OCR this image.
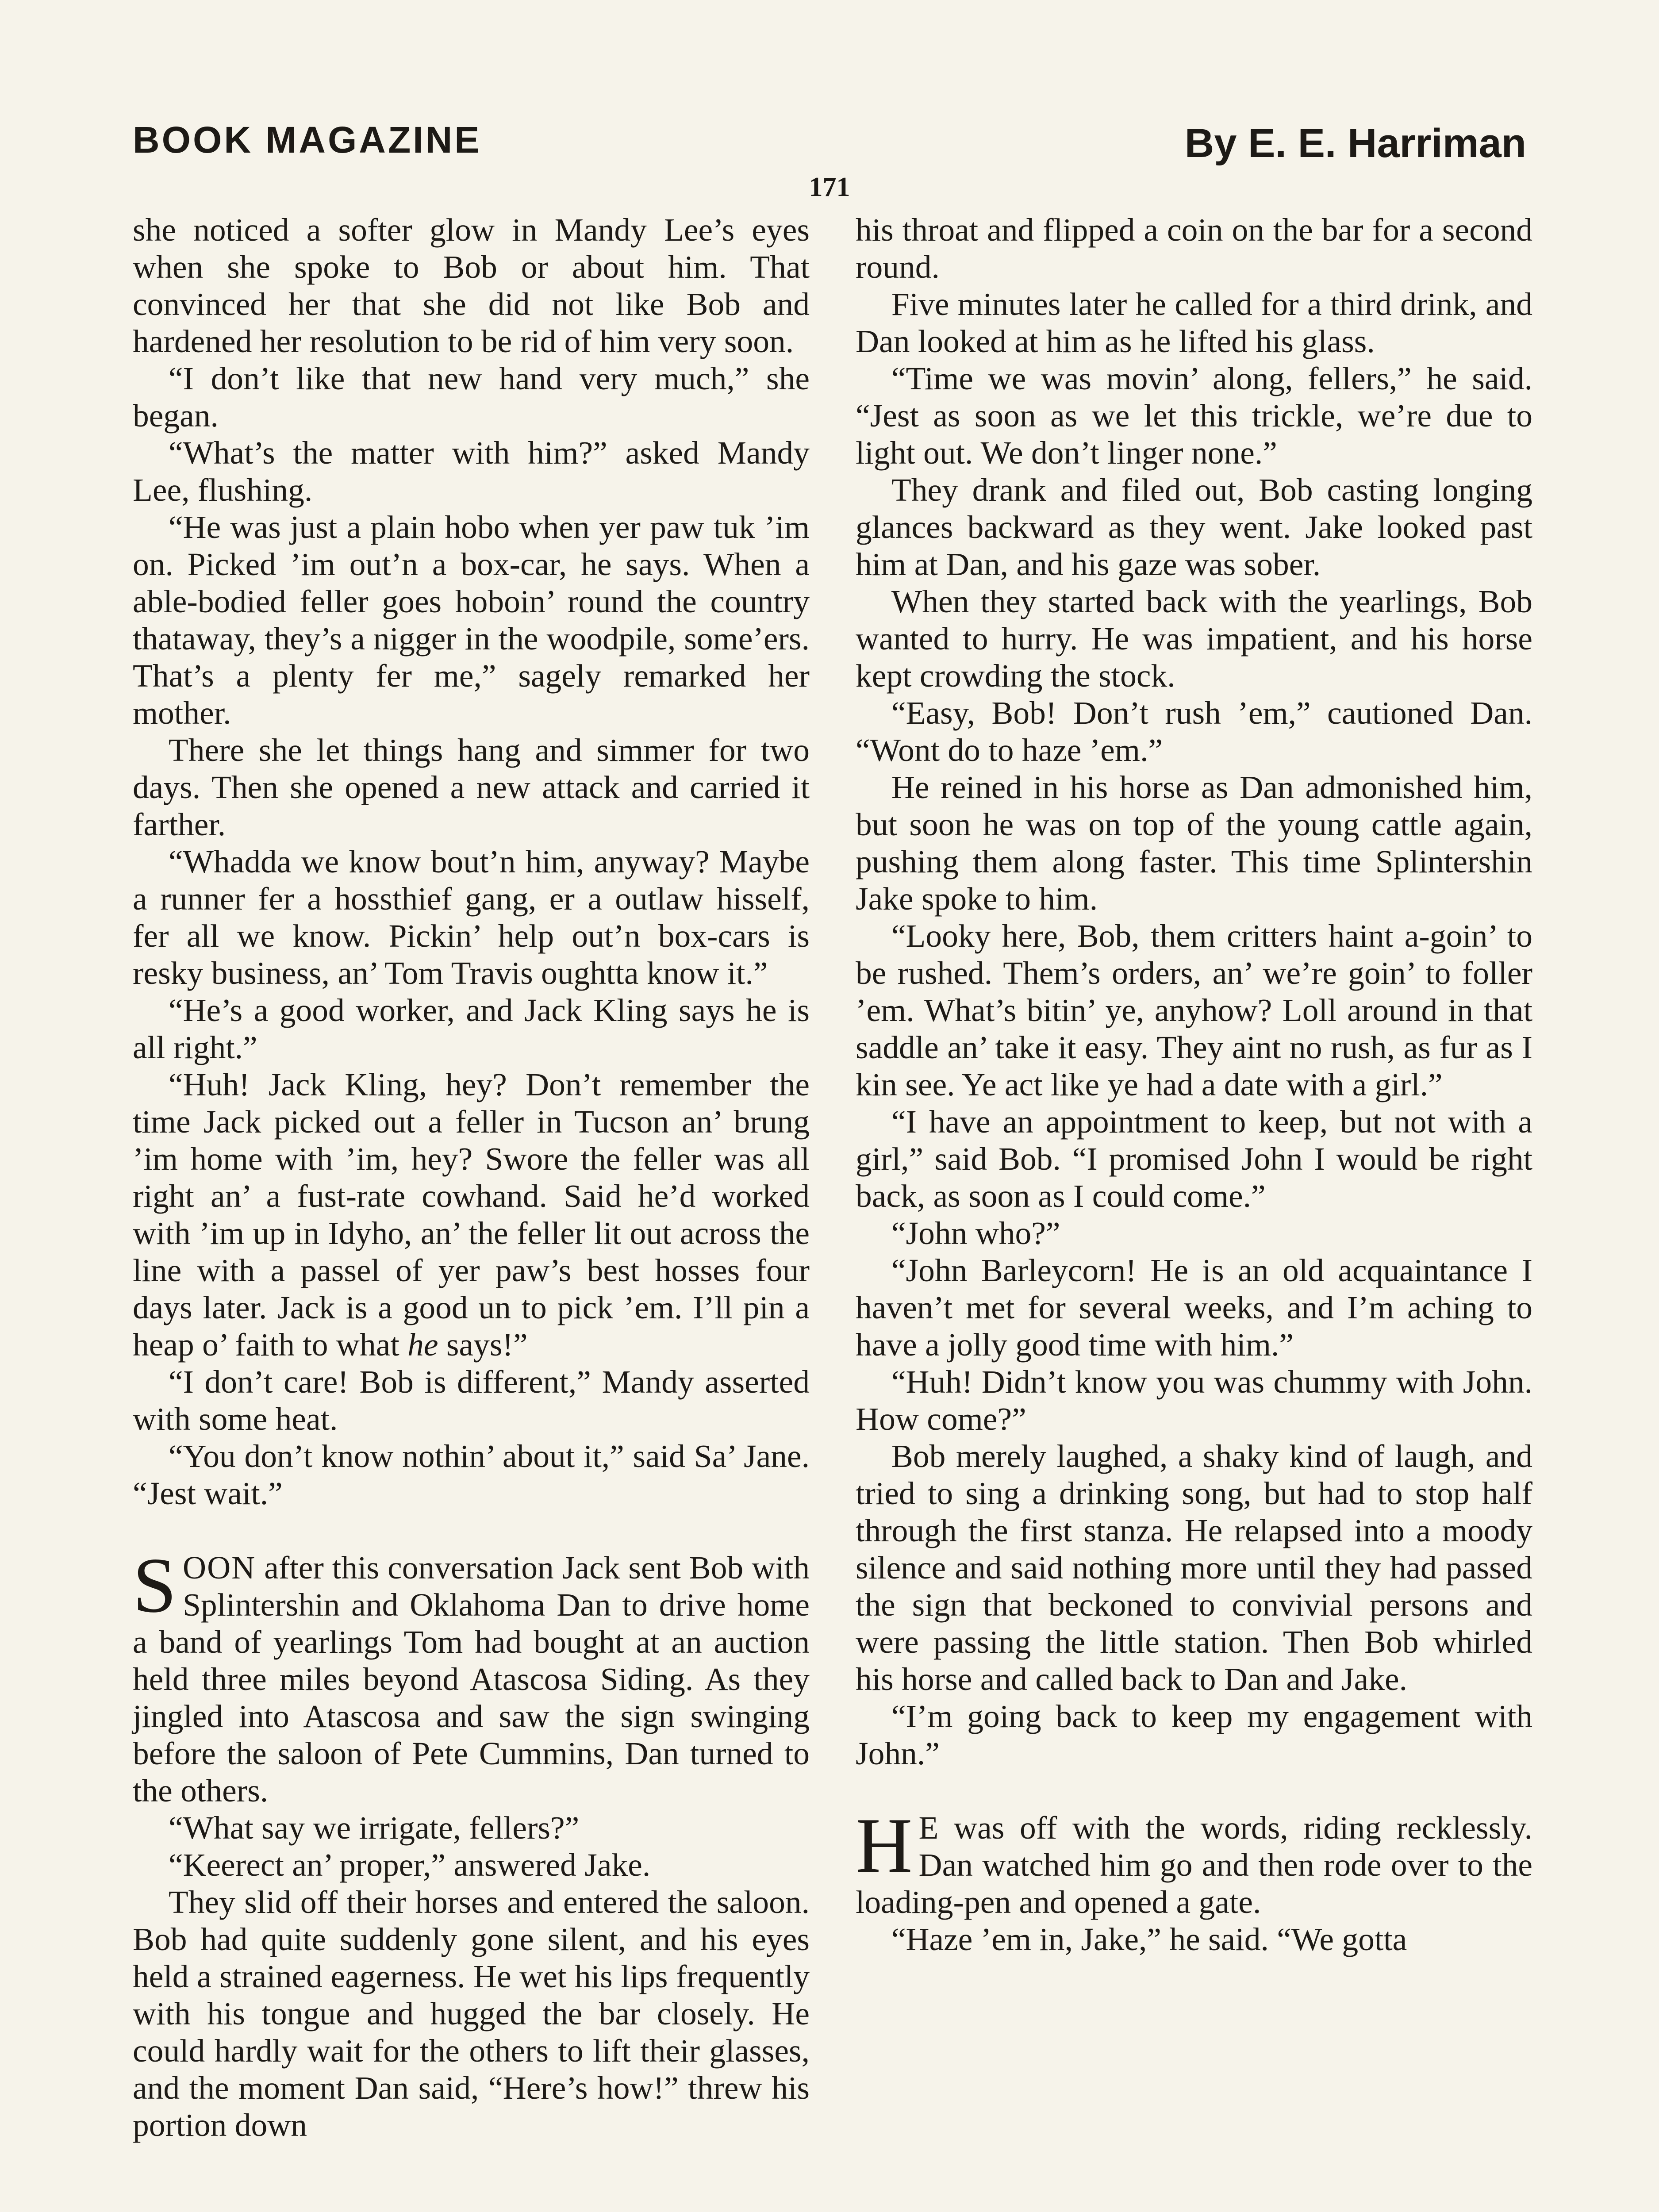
BOOK MAGAZINE	By E. E. Harriman
171

she noticed a softer glow in Mandy Lee’s eyes when she spoke to Bob or about him. That convinced her that she did not like Bob and hardened her resolution to be rid of him very soon.

“I don’t like that new hand very much,” she began.

“What’s the matter with him?” asked Mandy Lee, flushing.

“He was just a plain hobo when yer paw tuk ’im on. Picked ’im out’n a box-car, he says. When a able-bodied feller goes hoboin’ round the country thataway, they’s a nigger in the woodpile, some’ers. That’s a plenty fer me,” sagely remarked her mother.

There she let things hang and simmer for two days. Then she opened a new attack and carried it farther.

“Whadda we know bout’n him, anyway? Maybe a runner fer a hossthief gang, er a outlaw hisself, fer all we know. Pickin’ help out’n box-cars is resky business, an’ Tom Travis oughtta know it.”

“He’s a good worker, and Jack Kling says he is all right.”

“Huh! Jack Kling, hey? Don’t remember the time Jack picked out a feller in Tucson an’ brung ’im home with ’im, hey? Swore the feller was all right an’ a fust-rate cowhand. Said he’d worked with ’im up in Idyho, an’ the feller lit out across the line with a passel of yer paw’s best hosses four days later. Jack is a good un to pick ’em. I’ll pin a heap o’ faith to what he says!”

“I don’t care! Bob is different,” Mandy asserted with some heat.

“You don’t know nothin’ about it,” said Sa’ Jane. “Jest wait.”

SOON after this conversation Jack sent Bob with Splintershin and Oklahoma Dan to drive home a band of yearlings Tom had bought at an auction held three miles beyond Atascosa Siding. As they jingled into Atascosa and saw the sign swinging before the saloon of Pete Cummins, Dan turned to the others.

“What say we irrigate, fellers?”

“Keerect an’ proper,” answered Jake.

They slid off their horses and entered the saloon. Bob had quite suddenly gone silent, and his eyes held a strained eagerness. He wet his lips frequently with his tongue and hugged the bar closely. He could hardly wait for the others to lift their glasses, and the moment Dan said, “Here’s how!” threw his portion down

his throat and flipped a coin on the bar for a second round.

Five minutes later he called for a third drink, and Dan looked at him as he lifted his glass.

“Time we was movin’ along, fellers,” he said. “Jest as soon as we let this trickle, we’re due to light out. We don’t linger none.”

They drank and filed out, Bob casting longing glances backward as they went. Jake looked past him at Dan, and his gaze was sober.

When they started back with the yearlings, Bob wanted to hurry. He was impatient, and his horse kept crowding the stock.

“Easy, Bob! Don’t rush ’em,” cautioned Dan. “Wont do to haze ’em.”

He reined in his horse as Dan admonished him, but soon he was on top of the young cattle again, pushing them along faster. This time Splintershin Jake spoke to him.

“Looky here, Bob, them critters haint a-goin’ to be rushed. Them’s orders, an’ we’re goin’ to foller ’em. What’s bitin’ ye, anyhow? Loll around in that saddle an’ take it easy. They aint no rush, as fur as I kin see. Ye act like ye had a date with a girl.”

“I have an appointment to keep, but not with a girl,” said Bob. “I promised John I would be right back, as soon as I could come.”

“John who?”

“John Barleycorn! He is an old acquaintance I haven’t met for several weeks, and I’m aching to have a jolly good time with him.”

“Huh! Didn’t know you was chummy with John. How come?”

Bob merely laughed, a shaky kind of laugh, and tried to sing a drinking song, but had to stop half through the first stanza. He relapsed into a moody silence and said nothing more until they had passed the sign that beckoned to convivial persons and were passing the little station. Then Bob whirled his horse and called back to Dan and Jake.

“I’m going back to keep my engagement with John.”

H E was off with the words, riding recklessly. Dan watched him go and then rode over to the loading-pen and opened a gate.

“Haze ’em in, Jake,” he said. “We gotta
